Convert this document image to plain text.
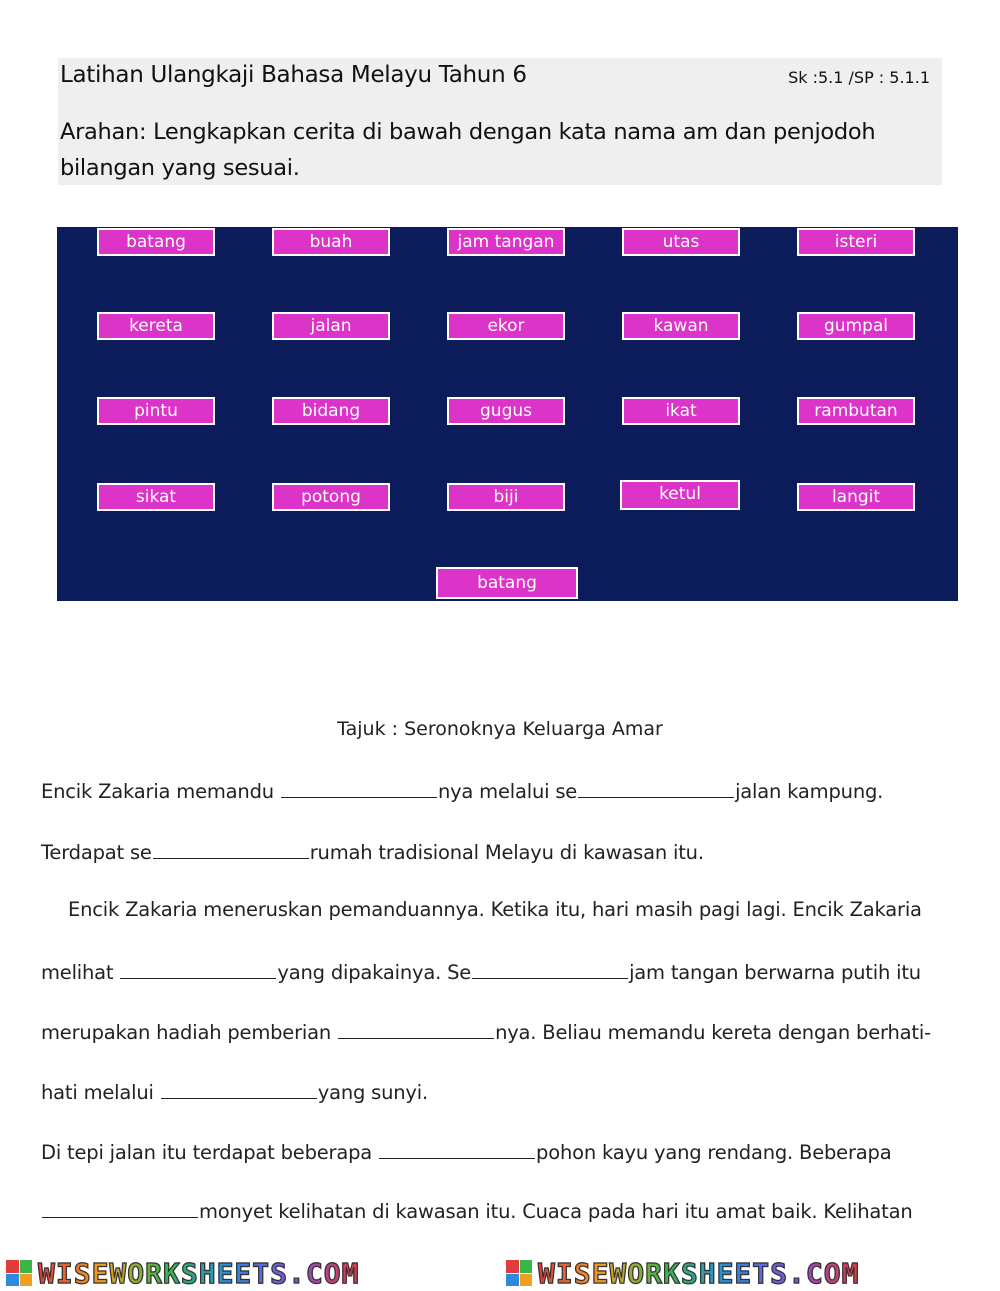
Latihan Ulangkaji Bahasa Melayu Tahun 6	Sk :5.1 /SP : 5.1.1
Arahan: Lengkapkan cerita di bawah dengan kata nama am dan penjodoh bilangan yang sesuai.
batang	buah	jam tangan	utas	isteri
kereta	jalan	ekor	kawan	gumpal
pintu	bidang	gugus	ikat	rambutan
sikat	potong	biji	ketul	langit
batang
Tajuk : Seronoknya Keluarga Amar
Encik Zakaria memandu	nya melalui se	jalan kampung.
Terdapat se	rumah tradisional Melayu di kawasan itu.
Encik Zakaria meneruskan pemanduannya. Ketika itu, hari masih pagi lagi. Encik Zakaria
melihat	yang dipakainya. Se	jam tangan berwarna putih itu
merupakan hadiah pemberian	nya. Beliau memandu kereta dengan berhati-
hati melalui	yang sunyi.
Di tepi jalan itu terdapat beberapa	pohon kayu yang rendang. Beberapa
monyet kelihatan di kawasan itu. Cuaca pada hari itu amat baik. Kelihatan
WISEWORKSHEETS.COM	WISEWORKSHEETS.COM
